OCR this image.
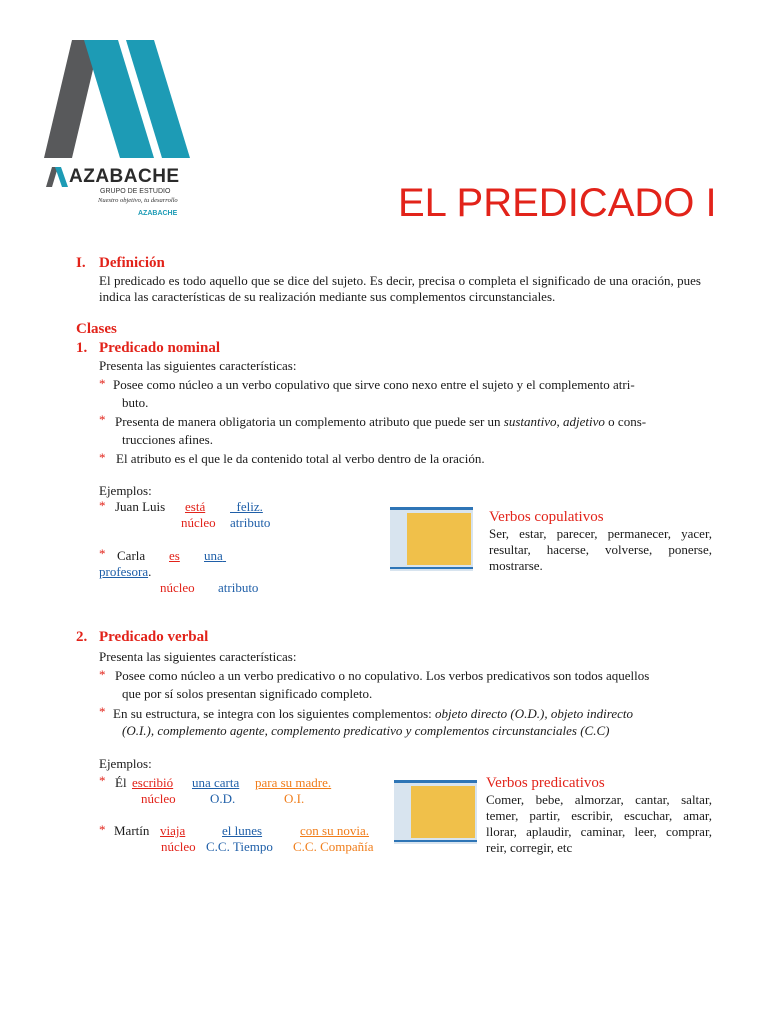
AZABACHE
GRUPO DE ESTUDIO
Nuestro objetivo, tu desarrollo
AZABACHE	EL PREDICADO I
I. Definición
El predicado es todo aquello que se dice del sujeto. Es decir, precisa o completa el significado de una oración, pues indica las características de su realización mediante sus complementos circunstanciales.
Clases
1. Predicado nominal
Presenta las siguientes características:
* Posee como núcleo a un verbo copulativo que sirve cono nexo entre el sujeto y el complemento atri-
buto.
* Presenta de manera obligatoria un complemento atributo que puede ser un sustantivo, adjetivo o cons-
trucciones afines.
* El atributo es el que le da contenido total al verbo dentro de la oración.
Ejemplos:
* Juan Luis está	feliz.
núcleo atributo
* Carla es una
profesora.
núcleo atributo
Verbos copulativos
Ser, estar, parecer, permanecer, yacer, resultar, hacerse, volverse, ponerse, mostrarse.
2. Predicado verbal
Presenta las siguientes características:
* Posee como núcleo a un verbo predicativo o no copulativo. Los verbos predicativos son todos aquellos
que por sí solos presentan significado completo.
* En su estructura, se integra con los siguientes complementos: objeto directo (O.D.), objeto indirecto
(O.I.), complemento agente, complemento predicativo y complementos circunstanciales (C.C)
Ejemplos:
* Él escribió una carta para su madre.
núcleo	O.D.	O.I.
* Martín viaja	el lunes	con su novia.
núcleo C.C. Tiempo C.C. Compañía
Verbos predicativos
Comer, bebe, almorzar, cantar, saltar, temer, partir, escribir, escuchar, amar, llorar, aplaudir, caminar, leer, comprar, reir, corregir, etc
